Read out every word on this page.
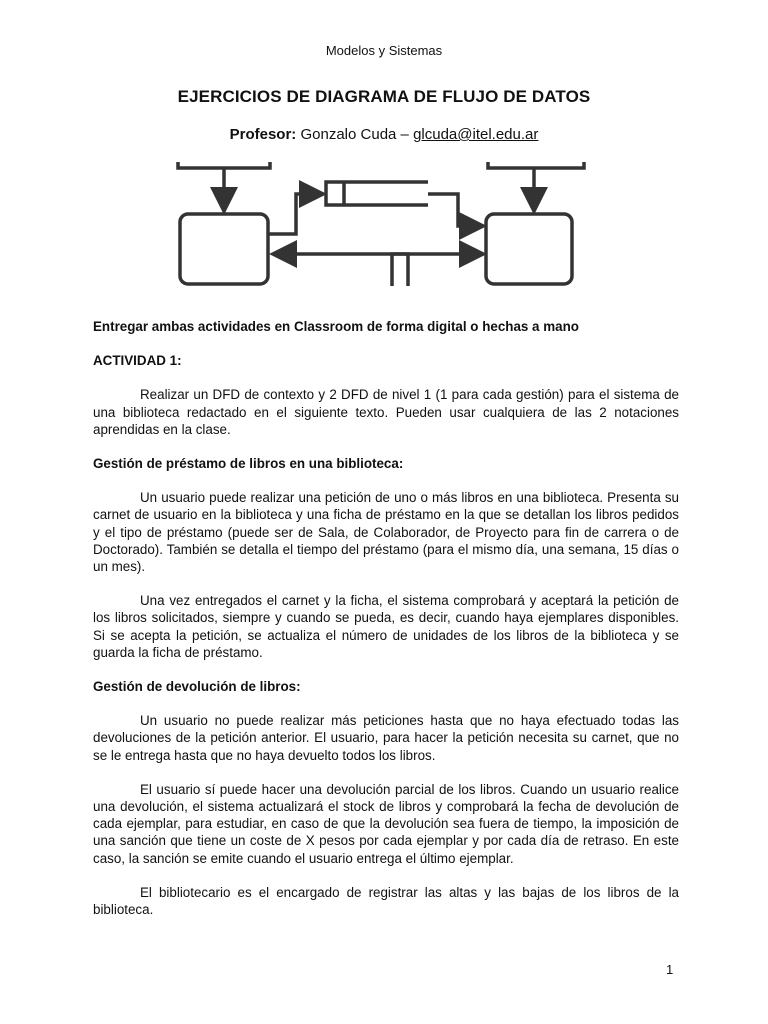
Modelos y Sistemas
EJERCICIOS DE DIAGRAMA DE FLUJO DE DATOS
Profesor: Gonzalo Cuda – glcuda@itel.edu.ar

Entregar ambas actividades en Classroom de forma digital o hechas a mano

ACTIVIDAD 1:

Realizar un DFD de contexto y 2 DFD de nivel 1 (1 para cada gestión) para el sistema de una biblioteca redactado en el siguiente texto. Pueden usar cualquiera de las 2 notaciones aprendidas en la clase.

Gestión de préstamo de libros en una biblioteca:

Un usuario puede realizar una petición de uno o más libros en una biblioteca. Presenta su carnet de usuario en la biblioteca y una ficha de préstamo en la que se detallan los libros pedidos y el tipo de préstamo (puede ser de Sala, de Colaborador, de Proyecto para fin de carrera o de Doctorado). También se detalla el tiempo del préstamo (para el mismo día, una semana, 15 días o un mes).

Una vez entregados el carnet y la ficha, el sistema comprobará y aceptará la petición de los libros solicitados, siempre y cuando se pueda, es decir, cuando haya ejemplares disponibles. Si se acepta la petición, se actualiza el número de unidades de los libros de la biblioteca y se guarda la ficha de préstamo.

Gestión de devolución de libros:

Un usuario no puede realizar más peticiones hasta que no haya efectuado todas las devoluciones de la petición anterior. El usuario, para hacer la petición necesita su carnet, que no se le entrega hasta que no haya devuelto todos los libros.

El usuario sí puede hacer una devolución parcial de los libros. Cuando un usuario realice una devolución, el sistema actualizará el stock de libros y comprobará la fecha de devolución de cada ejemplar, para estudiar, en caso de que la devolución sea fuera de tiempo, la imposición de una sanción que tiene un coste de X pesos por cada ejemplar y por cada día de retraso. En este caso, la sanción se emite cuando el usuario entrega el último ejemplar.

El bibliotecario es el encargado de registrar las altas y las bajas de los libros de la biblioteca.

1
